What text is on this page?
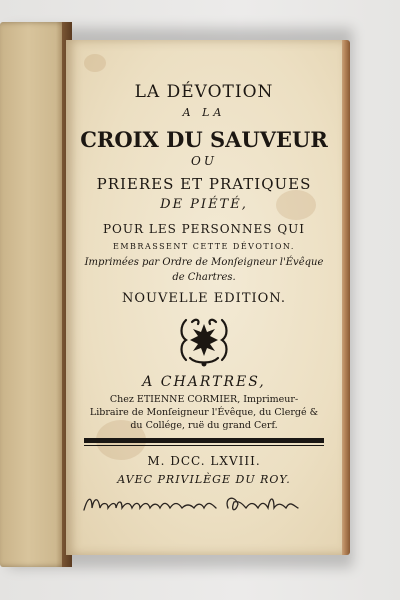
LA DÉVOTION
A LA
CROIX DU SAUVEUR
OU
PRIERES ET PRATIQUES
DE PIÉTÉ,
POUR LES PERSONNES QUI
EMBRASSENT CETTE DÉVOTION.
Imprimées par Ordre de Monſeigneur l'Évêque
de Chartres.
NOUVELLE EDITION.
A CHARTRES,
Chez ETIENNE CORMIER, Imprimeur-
Libraire de Monſeigneur l'Évêque, du Clergé &
du Collége, ruë du grand Cerf.
M. DCC. LXVIII.
AVEC PRIVILÈGE DU ROY.
